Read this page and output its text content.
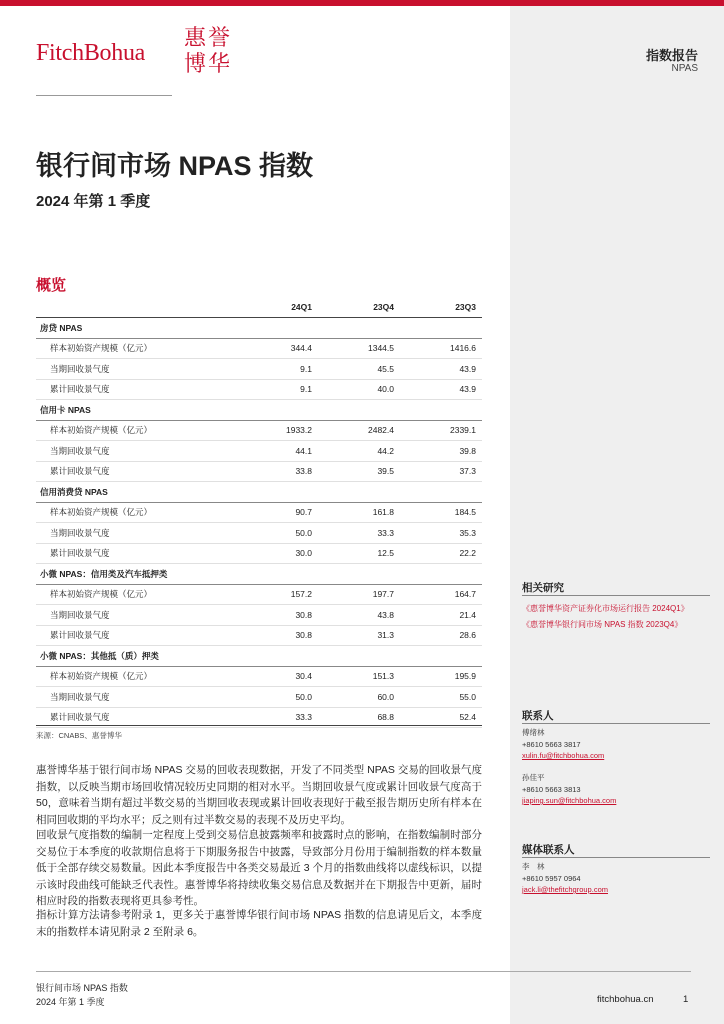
FitchBohua
惠誉博华	指数报告
NPAS
银行间市场 NPAS 指数
2024 年第 1 季度
概览
	24Q1	23Q4	23Q3
房贷 NPAS			
样本初始资产规模（亿元）	344.4	1344.5	1416.6
当期回收景气度	9.1	45.5	43.9
累计回收景气度	9.1	40.0	43.9
信用卡 NPAS			
样本初始资产规模（亿元）	1933.2	2482.4	2339.1
当期回收景气度	44.1	44.2	39.8
累计回收景气度	33.8	39.5	37.3
信用消费贷 NPAS			
样本初始资产规模（亿元）	90.7	161.8	184.5
当期回收景气度	50.0	33.3	35.3
累计回收景气度	30.0	12.5	22.2
小微 NPAS：信用类及汽车抵押类			
样本初始资产规模（亿元）	157.2	197.7	164.7
当期回收景气度	30.8	43.8	21.4
累计回收景气度	30.8	31.3	28.6
小微 NPAS：其他抵（质）押类			
样本初始资产规模（亿元）	30.4	151.3	195.9
当期回收景气度	50.0	60.0	55.0
累计回收景气度	33.3	68.8	52.4
来源：CNABS、惠誉博华
惠誉博华基于银行间市场 NPAS 交易的回收表现数据，开发了不同类型 NPAS 交易的回收景气度指数，以反映当期市场回收情况较历史同期的相对水平。当期回收景气度或累计回收景气度高于 50，意味着当期有超过半数交易的当期回收表现或累计回收表现好于截至报告期历史所有样本在相同回收期的平均水平；反之则有过半数交易的表现不及历史平均。
回收景气度指数的编制一定程度上受到交易信息披露频率和披露时点的影响，在指数编制时部分交易位于本季度的收款期信息将于下期服务报告中披露，导致部分月份用于编制指数的样本数量低于全部存续交易数量。因此本季度报告中各类交易最近 3 个月的指数曲线将以虚线标识，以提示该时段曲线可能缺乏代表性。惠誉博华将持续收集交易信息及数据并在下期报告中更新，届时相应时段的指数表现将更具参考性。
指标计算方法请参考附录 1，更多关于惠誉博华银行间市场 NPAS 指数的信息请见后文，本季度末的指数样本请见附录 2 至附录 6。
相关研究
《惠誉博华资产证券化市场运行报告 2024Q1》
《惠誉博华银行间市场 NPAS 指数 2023Q4》
联系人
傅绪林
+8610 5663 3817
xulin.fu@fitchbohua.com
孙佳平
+8610 5663 3813
jiaping.sun@fitchbohua.com
媒体联系人
李　林
+8610 5957 0964
jack.li@thefitchgroup.com
银行间市场 NPAS 指数
2024 年第 1 季度	fitchbohua.cn	1
